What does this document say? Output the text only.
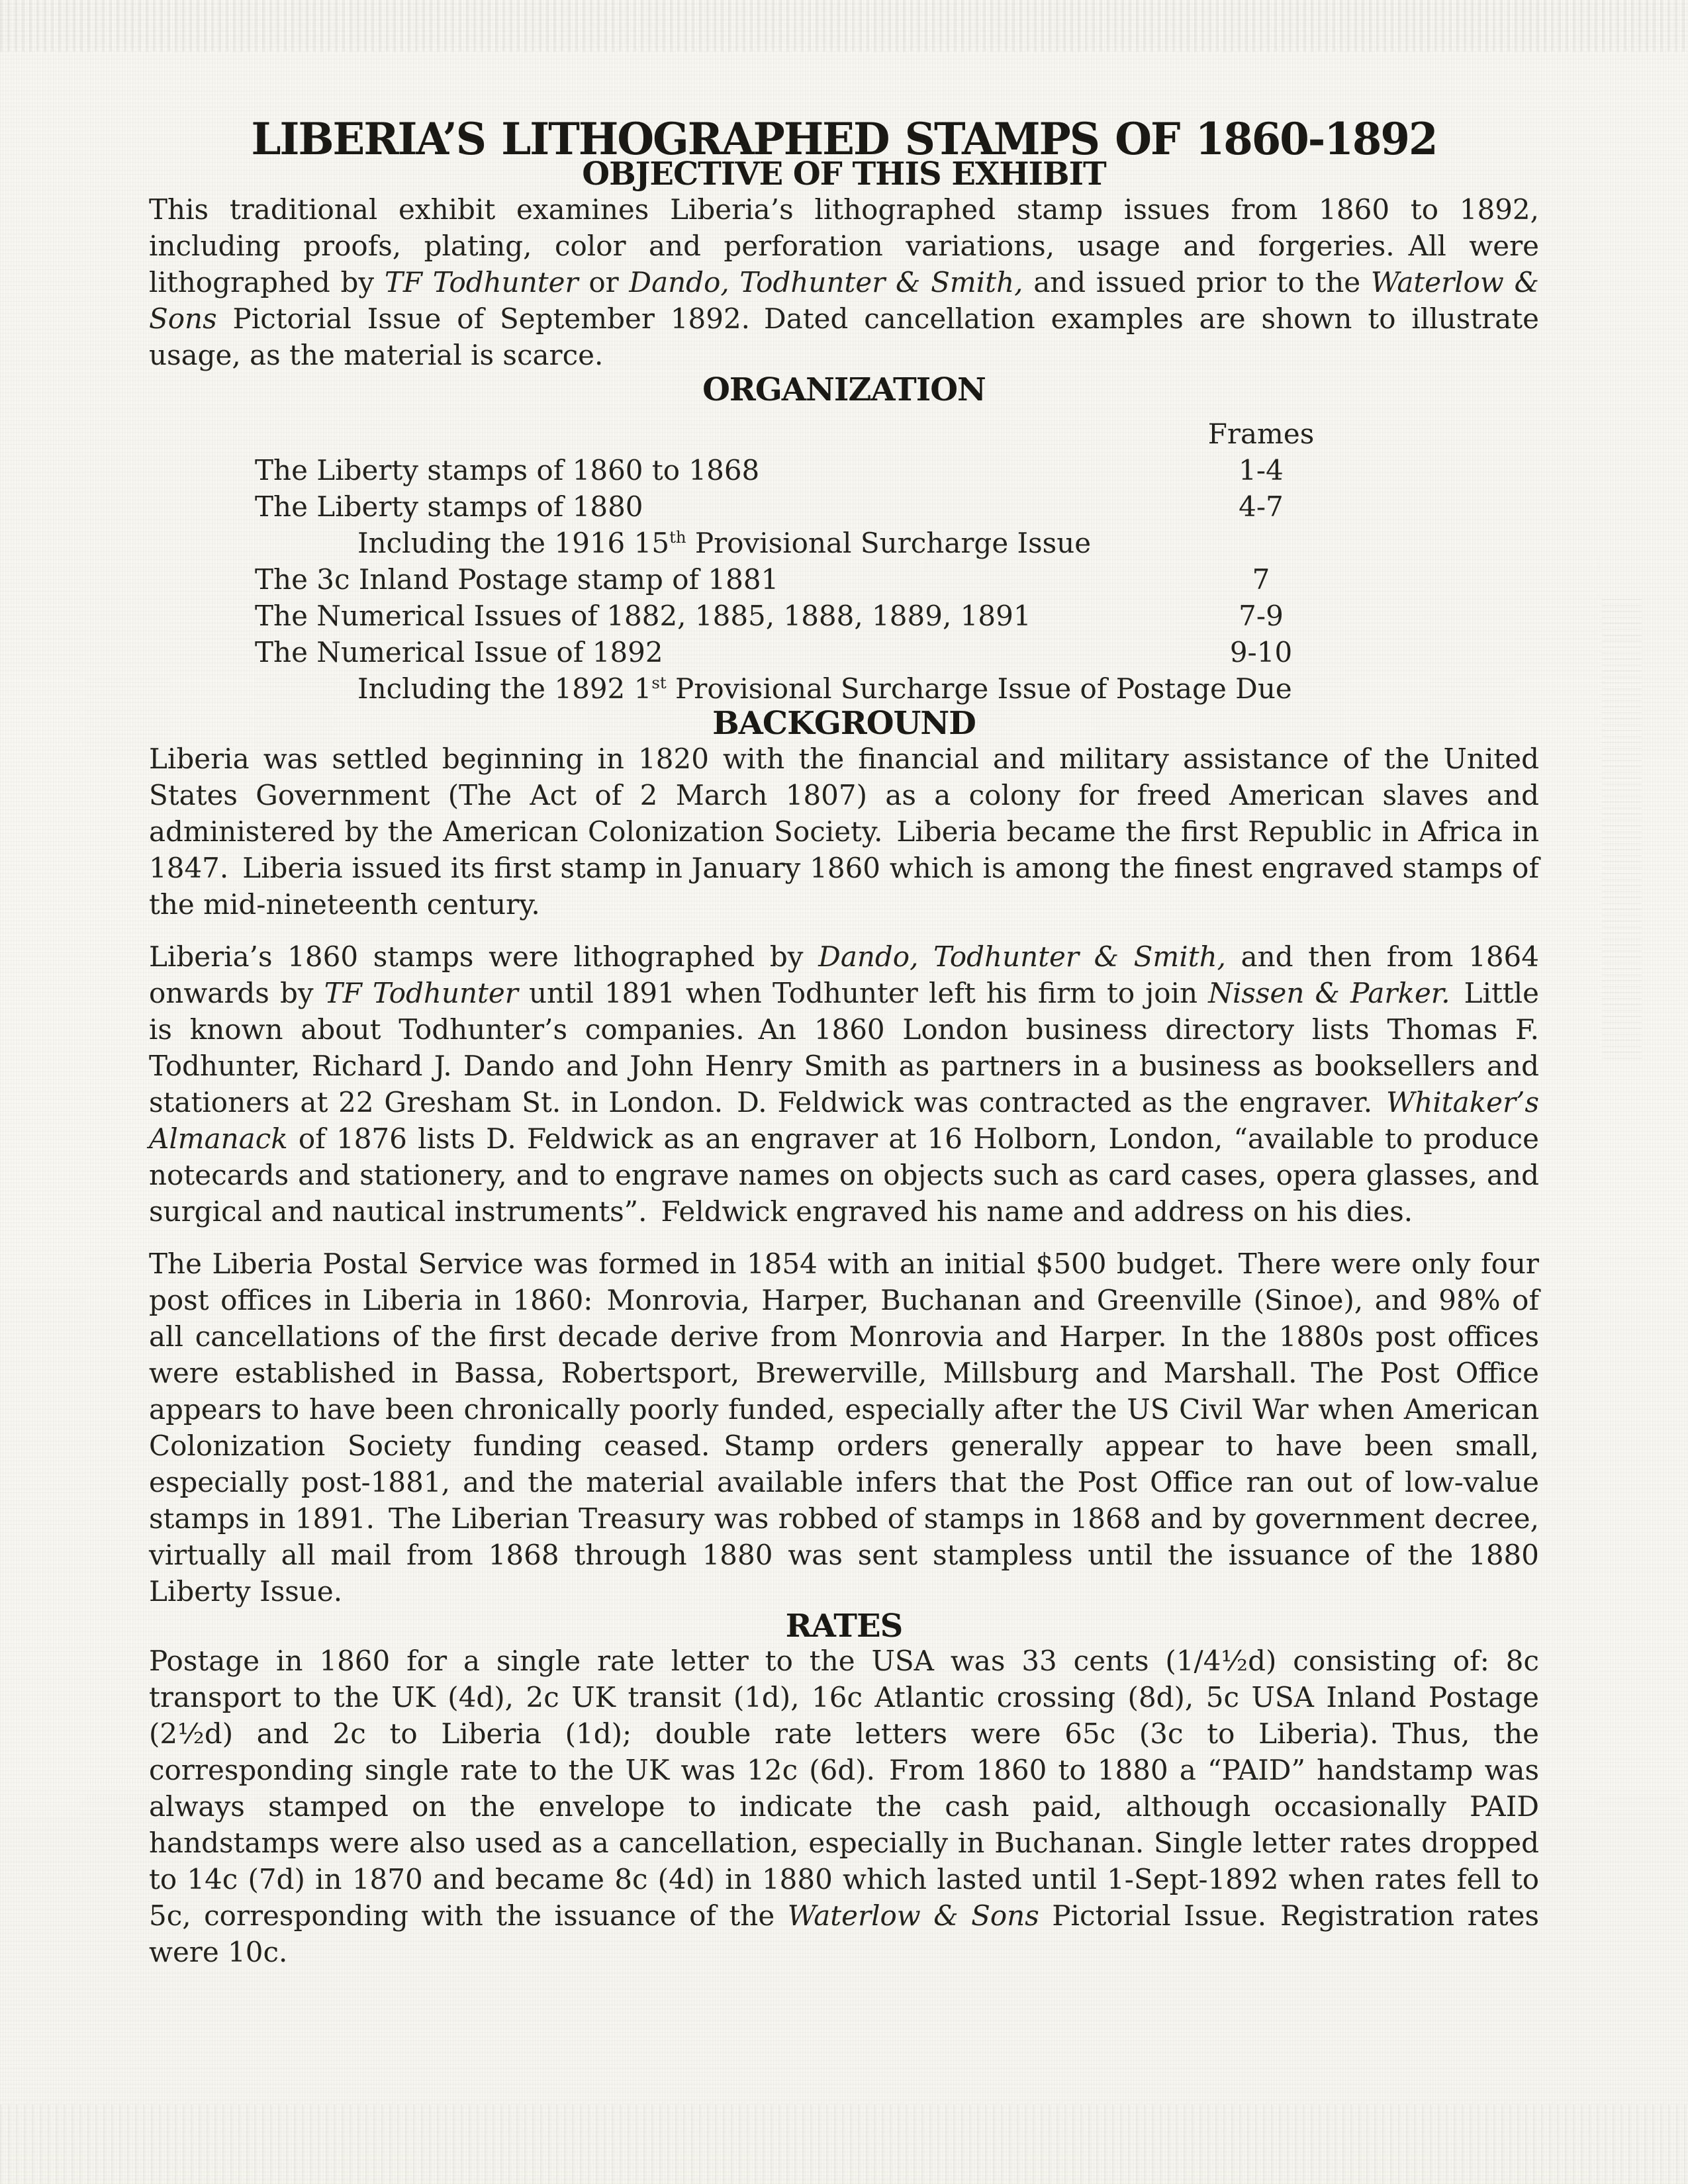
LIBERIA’S LITHOGRAPHED STAMPS OF 1860-1892
OBJECTIVE OF THIS EXHIBIT

This traditional exhibit examines Liberia’s lithographed stamp issues from 1860 to 1892, including proofs, plating, color and perforation variations, usage and forgeries. All were lithographed by TF Todhunter or Dando, Todhunter & Smith, and issued prior to the Waterlow & Sons Pictorial Issue of September 1892. Dated cancellation examples are shown to illustrate usage, as the material is scarce.

ORGANIZATION
Frames
The Liberty stamps of 1860 to 1868	1-4
The Liberty stamps of 1880	4-7
Including the 1916 15th Provisional Surcharge Issue
The 3c Inland Postage stamp of 1881	7
The Numerical Issues of 1882, 1885, 1888, 1889, 1891	7-9
The Numerical Issue of 1892	9-10
Including the 1892 1st Provisional Surcharge Issue of Postage Due
BACKGROUND

Liberia was settled beginning in 1820 with the financial and military assistance of the United States Government (The Act of 2 March 1807) as a colony for freed American slaves and administered by the American Colonization Society. Liberia became the first Republic in Africa in 1847. Liberia issued its first stamp in January 1860 which is among the finest engraved stamps of the mid-nineteenth century.

Liberia’s 1860 stamps were lithographed by Dando, Todhunter & Smith, and then from 1864 onwards by TF Todhunter until 1891 when Todhunter left his firm to join Nissen & Parker. Little is known about Todhunter’s companies. An 1860 London business directory lists Thomas F. Todhunter, Richard J. Dando and John Henry Smith as partners in a business as booksellers and stationers at 22 Gresham St. in London. D. Feldwick was contracted as the engraver. Whitaker’s Almanack of 1876 lists D. Feldwick as an engraver at 16 Holborn, London, “available to produce notecards and stationery, and to engrave names on objects such as card cases, opera glasses, and surgical and nautical instruments”. Feldwick engraved his name and address on his dies.

The Liberia Postal Service was formed in 1854 with an initial $500 budget. There were only four post offices in Liberia in 1860: Monrovia, Harper, Buchanan and Greenville (Sinoe), and 98% of all cancellations of the first decade derive from Monrovia and Harper. In the 1880s post offices were established in Bassa, Robertsport, Brewerville, Millsburg and Marshall. The Post Office appears to have been chronically poorly funded, especially after the US Civil War when American Colonization Society funding ceased. Stamp orders generally appear to have been small, especially post-1881, and the material available infers that the Post Office ran out of low-value stamps in 1891. The Liberian Treasury was robbed of stamps in 1868 and by government decree, virtually all mail from 1868 through 1880 was sent stampless until the issuance of the 1880 Liberty Issue.

RATES

Postage in 1860 for a single rate letter to the USA was 33 cents (1/4½d) consisting of: 8c transport to the UK (4d), 2c UK transit (1d), 16c Atlantic crossing (8d), 5c USA Inland Postage (2½d) and 2c to Liberia (1d); double rate letters were 65c (3c to Liberia). Thus, the corresponding single rate to the UK was 12c (6d). From 1860 to 1880 a “PAID” handstamp was always stamped on the envelope to indicate the cash paid, although occasionally PAID handstamps were also used as a cancellation, especially in Buchanan. Single letter rates dropped to 14c (7d) in 1870 and became 8c (4d) in 1880 which lasted until 1-Sept-1892 when rates fell to 5c, corresponding with the issuance of the Waterlow & Sons Pictorial Issue. Registration rates were 10c.
